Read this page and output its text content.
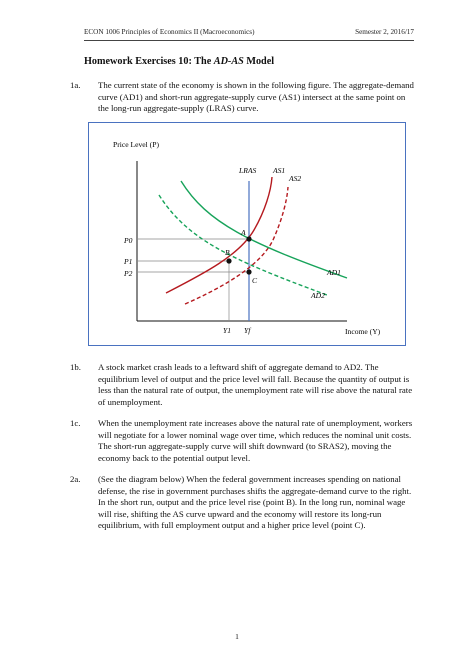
ECON 1006 Principles of Economics II (Macroeconomics)	Semester 2, 2016/17
Homework Exercises 10: The AD-AS Model
1a. The current state of the economy is shown in the following figure. The aggregate-demand curve (AD1) and short-run aggregate-supply curve (AS1) intersect at the same point on the long-run aggregate-supply (LRAS) curve.
Price Level (P)
Income (Y)
LRAS AS1
AS2
AD1
AD2
P0
P1
P2
Y1 Yf
A
B
C
1b. A stock market crash leads to a leftward shift of aggregate demand to AD2. The equilibrium level of output and the price level will fall. Because the quantity of output is less than the natural rate of output, the unemployment rate will rise above the natural rate of unemployment.
1c. When the unemployment rate increases above the natural rate of unemployment, workers will negotiate for a lower nominal wage over time, which reduces the nominal unit costs. The short-run aggregate-supply curve will shift downward (to SRAS2), moving the economy back to the potential output level.
2a. (See the diagram below) When the federal government increases spending on national defense, the rise in government purchases shifts the aggregate-demand curve to the right. In the short run, output and the price level rise (point B). In the long run, nominal wage will rise, shifting the AS curve upward and the economy will restore its long-run equilibrium, with full employment output and a higher price level (point C).
1
